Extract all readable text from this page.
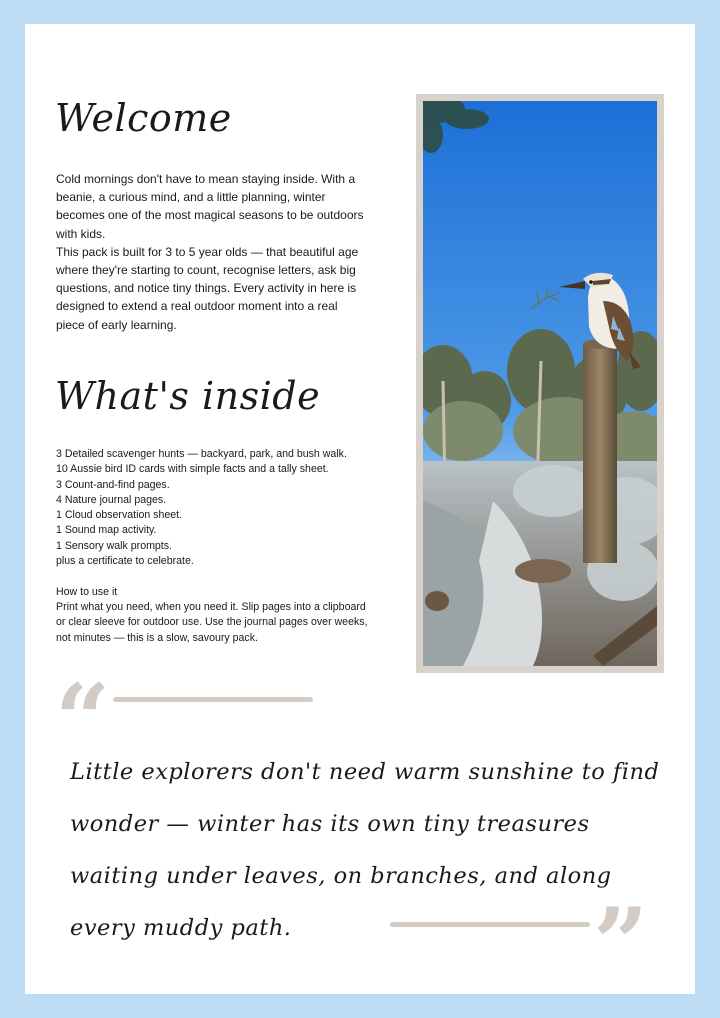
Welcome

Cold mornings don't have to mean staying inside. With a beanie, a curious mind, and a little planning, winter becomes one of the most magical seasons to be outdoors with kids.
This pack is built for 3 to 5 year olds — that beautiful age where they're starting to count, recognise letters, ask big questions, and notice tiny things. Every activity in here is designed to extend a real outdoor moment into a real piece of early learning.

What's inside
3 Detailed scavenger hunts — backyard, park, and bush walk.
10 Aussie bird ID cards with simple facts and a tally sheet.
3 Count-and-find pages.
4 Nature journal pages.
1 Cloud observation sheet.
1 Sound map activity.
1 Sensory walk prompts.
plus a certificate to celebrate.

How to use it

Print what you need, when you need it. Slip pages into a clipboard or clear sleeve for outdoor use. Use the journal pages over weeks, not minutes — this is a slow, savoury pack.

“

Little explorers don't need warm sunshine to find wonder — winter has its own tiny treasures waiting under leaves, on branches, and along every muddy path.	”
